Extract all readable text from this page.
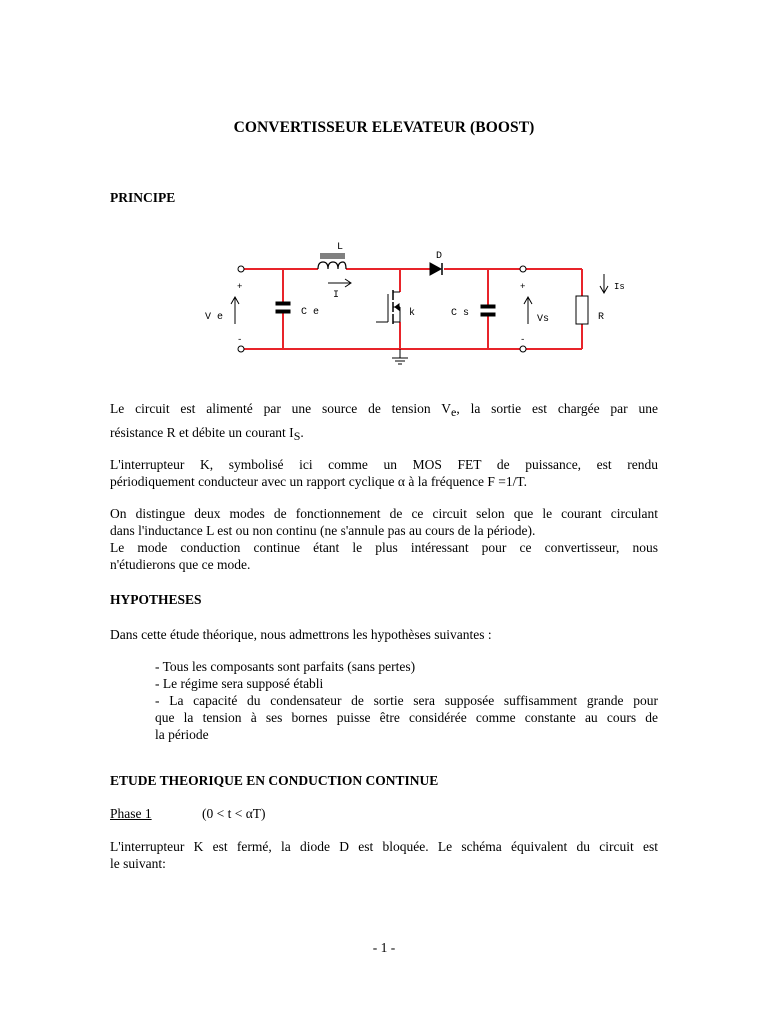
CONVERTISSEUR ELEVATEUR (BOOST)
PRINCIPE
L
I
D
C e	k	C s
V e	Vs	R
Is
+
-
+
-
Le circuit est alimenté par une source de tension $V_e$, la sortie est chargée par une
résistance R et débite un courant $I_S$.
L'interrupteur K, symbolisé ici comme un MOS FET de puissance, est rendu
périodiquement conducteur avec un rapport cyclique α à la fréquence F =1/T.
On distingue deux modes de fonctionnement de ce circuit selon que le courant circulant
dans l'inductance L est ou non continu (ne s'annule pas au cours de la période).
Le mode conduction continue étant le plus intéressant pour ce convertisseur, nous
n'étudierons que ce mode.
HYPOTHESES
Dans cette étude théorique, nous admettrons les hypothèses suivantes :
- Tous les composants sont parfaits (sans pertes)
- Le régime sera supposé établi
- La capacité du condensateur de sortie sera supposée suffisamment grande pour
que la tension à ses bornes puisse être considérée comme constante au cours de
la période
ETUDE THEORIQUE EN CONDUCTION CONTINUE
Phase 1	(0 < t < αT)
L'interrupteur K est fermé, la diode D est bloquée. Le schéma équivalent du circuit est
le suivant:
- 1 -
